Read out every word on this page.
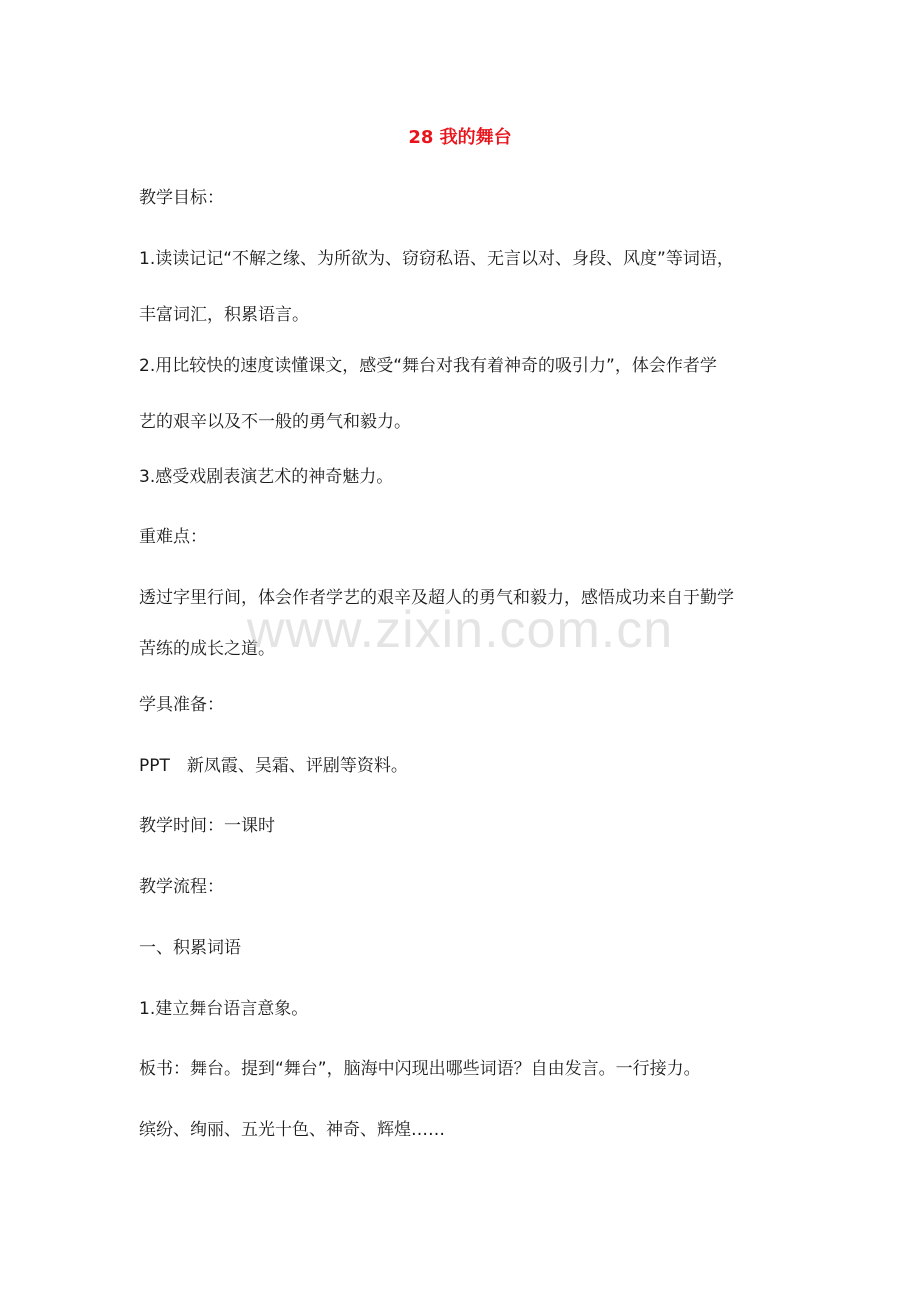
28 我的舞台
教学目标：
1.读读记记“不解之缘、为所欲为、窃窃私语、无言以对、身段、风度”等词语，
丰富词汇，积累语言。
2.用比较快的速度读懂课文，感受“舞台对我有着神奇的吸引力”，体会作者学
艺的艰辛以及不一般的勇气和毅力。
3.感受戏剧表演艺术的神奇魅力。
重难点：
透过字里行间，体会作者学艺的艰辛及超人的勇气和毅力，感悟成功来自于勤学
苦练的成长之道。
学具准备：
PPT　新凤霞、吴霜、评剧等资料。
教学时间：一课时
教学流程：
一、积累词语
1.建立舞台语言意象。
板书：舞台。提到“舞台”，脑海中闪现出哪些词语？自由发言。一行接力。
缤纷、绚丽、五光十色、神奇、辉煌……
www.zixin.com.cn
